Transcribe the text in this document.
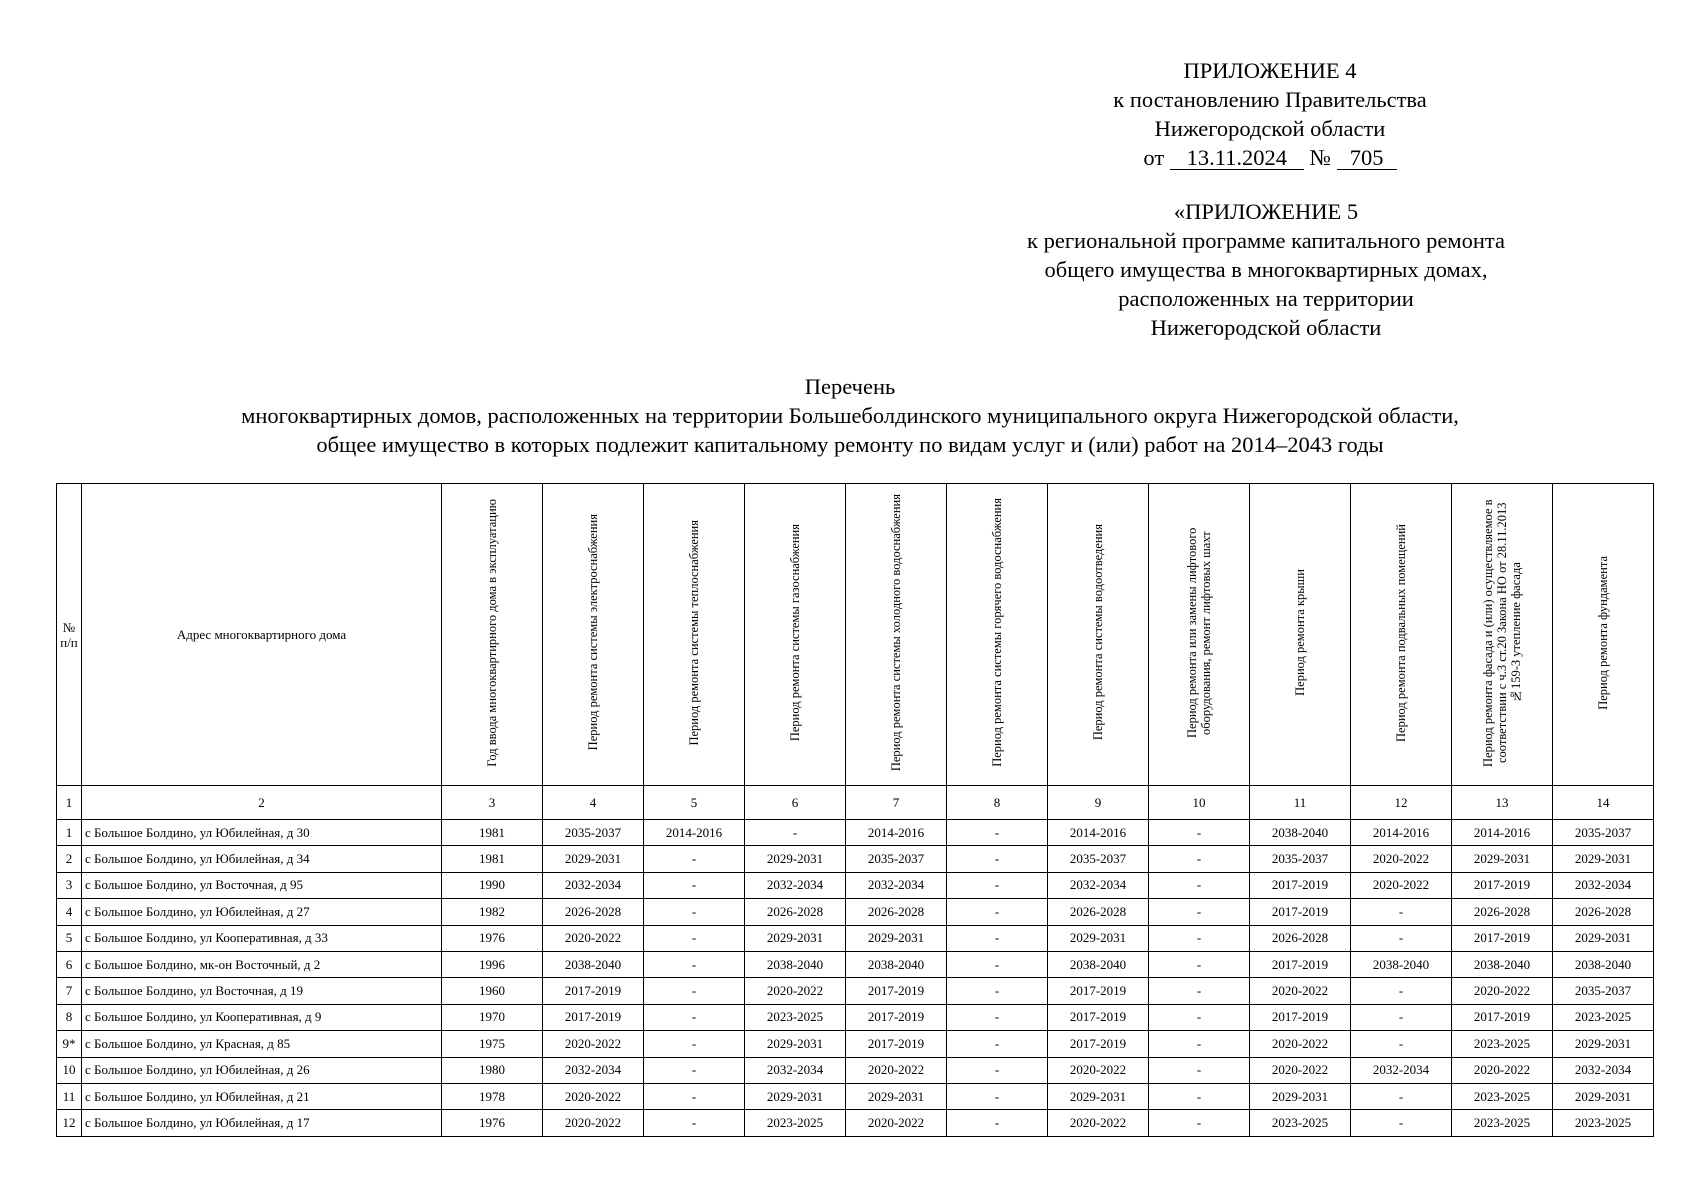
ПРИЛОЖЕНИЕ 4
к постановлению Правительства
Нижегородской области
от 13.11.2024 № 705
«ПРИЛОЖЕНИЕ 5
к региональной программе капитального ремонта
общего имущества в многоквартирных домах,
расположенных на территории
Нижегородской области
Перечень
многоквартирных домов, расположенных на территории Большеболдинского муниципального округа Нижегородской области,
общее имущество в которых подлежит капитальному ремонту по видам услуг и (или) работ на 2014–2043 годы
№ п/п	Адрес многоквартирного дома	Год ввода многоквартирного дома в эксплуатацию	Период ремонта системы электроснабжения	Период ремонта системы теплоснабжения	Период ремонта системы газоснабжения	Период ремонта системы холодного водоснабжения	Период ремонта системы горячего водоснабжения	Период ремонта системы водоотведения	Период ремонта или замены лифтового оборудования, ремонт лифтовых шахт	Период ремонта крыши	Период ремонта подвальных помещений	Период ремонта фасада и (или) осуществляемое в соответствии с ч.3 ст.20 Закона НО от 28.11.2013 №159-З утепление фасада	Период ремонта фундамента
1	2	3	4	5	6	7	8	9	10	11	12	13	14
1	с Большое Болдино, ул Юбилейная, д 30	1981	2035-2037	2014-2016	-	2014-2016	-	2014-2016	-	2038-2040	2014-2016	2014-2016	2035-2037
2	с Большое Болдино, ул Юбилейная, д 34	1981	2029-2031	-	2029-2031	2035-2037	-	2035-2037	-	2035-2037	2020-2022	2029-2031	2029-2031
3	с Большое Болдино, ул Восточная, д 95	1990	2032-2034	-	2032-2034	2032-2034	-	2032-2034	-	2017-2019	2020-2022	2017-2019	2032-2034
4	с Большое Болдино, ул Юбилейная, д 27	1982	2026-2028	-	2026-2028	2026-2028	-	2026-2028	-	2017-2019	-	2026-2028	2026-2028
5	с Большое Болдино, ул Кооперативная, д 33	1976	2020-2022	-	2029-2031	2029-2031	-	2029-2031	-	2026-2028	-	2017-2019	2029-2031
6	с Большое Болдино, мк-он Восточный, д 2	1996	2038-2040	-	2038-2040	2038-2040	-	2038-2040	-	2017-2019	2038-2040	2038-2040	2038-2040
7	с Большое Болдино, ул Восточная, д 19	1960	2017-2019	-	2020-2022	2017-2019	-	2017-2019	-	2020-2022	-	2020-2022	2035-2037
8	с Большое Болдино, ул Кооперативная, д 9	1970	2017-2019	-	2023-2025	2017-2019	-	2017-2019	-	2017-2019	-	2017-2019	2023-2025
9*	с Большое Болдино, ул Красная, д 85	1975	2020-2022	-	2029-2031	2017-2019	-	2017-2019	-	2020-2022	-	2023-2025	2029-2031
10	с Большое Болдино, ул Юбилейная, д 26	1980	2032-2034	-	2032-2034	2020-2022	-	2020-2022	-	2020-2022	2032-2034	2020-2022	2032-2034
11	с Большое Болдино, ул Юбилейная, д 21	1978	2020-2022	-	2029-2031	2029-2031	-	2029-2031	-	2029-2031	-	2023-2025	2029-2031
12	с Большое Болдино, ул Юбилейная, д 17	1976	2020-2022	-	2023-2025	2020-2022	-	2020-2022	-	2023-2025	-	2023-2025	2023-2025
